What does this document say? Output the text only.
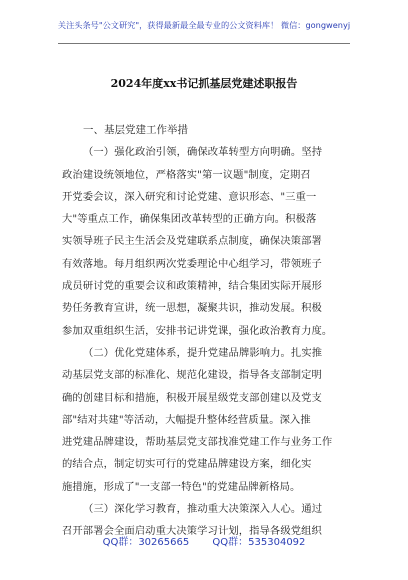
关注头条号"公文研究"，获得最新最全最专业的公文资料库！ 微信：gongwenyj
2024年度xx书记抓基层党建述职报告
一、基层党建工作举措
（一）强化政治引领，确保改革转型方向明确。坚持
政治建设统领地位，严格落实"第一议题"制度，定期召
开党委会议，深入研究和讨论党建、意识形态、"三重一
大"等重点工作，确保集团改革转型的正确方向。积极落
实领导班子民主生活会及党建联系点制度，确保决策部署
有效落地。每月组织两次党委理论中心组学习，带领班子
成员研讨党的重要会议和政策精神，结合集团实际开展形
势任务教育宣讲，统一思想，凝聚共识，推动发展。积极
参加双重组织生活，安排书记讲党课，强化政治教育力度。
（二）优化党建体系，提升党建品牌影响力。扎实推
动基层党支部的标准化、规范化建设，指导各支部制定明
确的创建目标和措施，积极开展星级党支部创建以及党支
部"结对共建"等活动，大幅提升整体经营质量。深入推
进党建品牌建设，帮助基层党支部找准党建工作与业务工作
的结合点，制定切实可行的党建品牌建设方案，细化实
施措施，形成了"一支部一特色"的党建品牌新格局。
（三）深化学习教育，推动重大决策深入人心。通过
召开部署会全面启动重大决策学习计划，指导各级党组织
QQ群：30265665 QQ群：535304092
